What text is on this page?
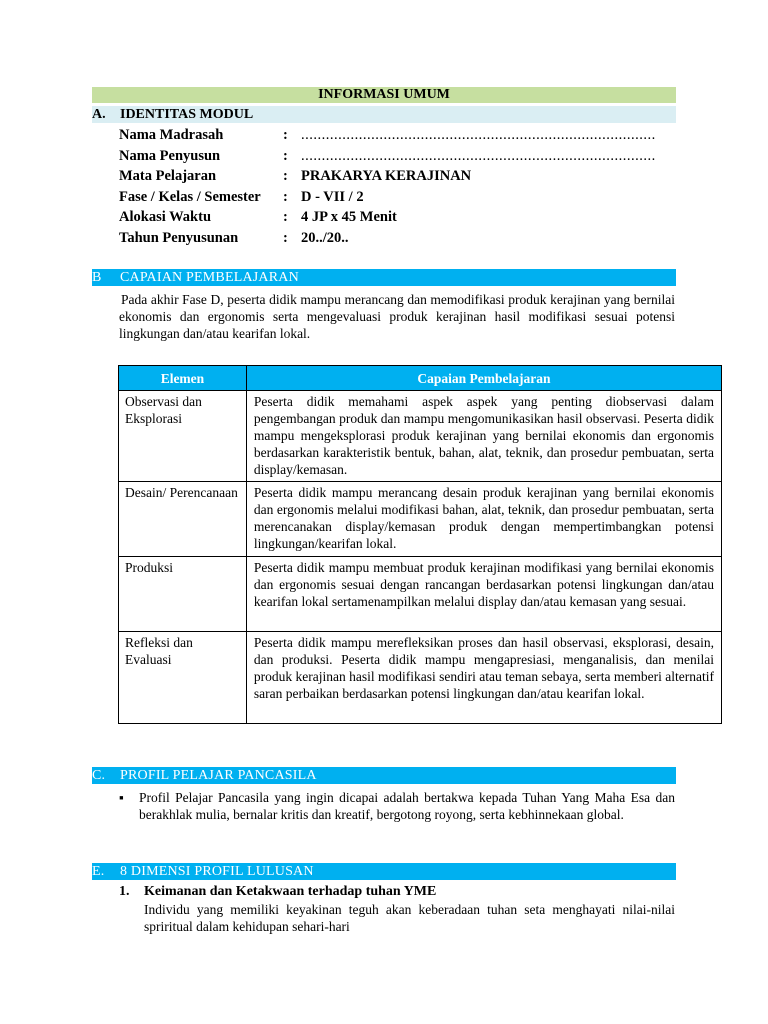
INFORMASI UMUM
A. IDENTITAS MODUL
Nama Madrasah	: ......................................................................................
Nama Penyusun	: ......................................................................................
Mata Pelajaran	: PRAKARYA KERAJINAN
Fase / Kelas / Semester : D - VII / 2
Alokasi Waktu	: 4 JP x 45 Menit
Tahun Penyusunan	: 20../20..
B CAPAIAN PEMBELAJARAN
Pada akhir Fase D, peserta didik mampu merancang dan memodifikasi produk kerajinan yang bernilai ekonomis dan ergonomis serta mengevaluasi produk kerajinan hasil modifikasi sesuai potensi lingkungan dan/atau kearifan lokal.
Elemen	Capaian Pembelajaran
Observasi dan Eksplorasi	Peserta didik memahami aspek aspek yang penting diobservasi dalam pengembangan produk dan mampu mengomunikasikan hasil observasi. Peserta didik mampu mengeksplorasi produk kerajinan yang bernilai ekonomis dan ergonomis berdasarkan karakteristik bentuk, bahan, alat, teknik, dan prosedur pembuatan, serta display/kemasan.
Desain/ Perencanaan	Peserta didik mampu merancang desain produk kerajinan yang bernilai ekonomis dan ergonomis melalui modifikasi bahan, alat, teknik, dan prosedur pembuatan, serta merencanakan display/kemasan produk dengan mempertimbangkan potensi lingkungan/kearifan lokal.
Produksi	Peserta didik mampu membuat produk kerajinan modifikasi yang bernilai ekonomis dan ergonomis sesuai dengan rancangan berdasarkan potensi lingkungan dan/atau kearifan lokal sertamenampilkan melalui display dan/atau kemasan yang sesuai.
Refleksi dan Evaluasi	Peserta didik mampu merefleksikan proses dan hasil observasi, eksplorasi, desain, dan produksi. Peserta didik mampu mengapresiasi, menganalisis, dan menilai produk kerajinan hasil modifikasi sendiri atau teman sebaya, serta memberi alternatif saran perbaikan berdasarkan potensi lingkungan dan/atau kearifan lokal.
C. PROFIL PELAJAR PANCASILA
▪	Profil Pelajar Pancasila yang ingin dicapai adalah bertakwa kepada Tuhan Yang Maha Esa dan berakhlak mulia, bernalar kritis dan kreatif, bergotong royong, serta kebhinnekaan global.
E. 8 DIMENSI PROFIL LULUSAN
1. Keimanan dan Ketakwaan terhadap tuhan YME
Individu yang memiliki keyakinan teguh akan keberadaan tuhan seta menghayati nilai-nilai spriritual dalam kehidupan sehari-hari
